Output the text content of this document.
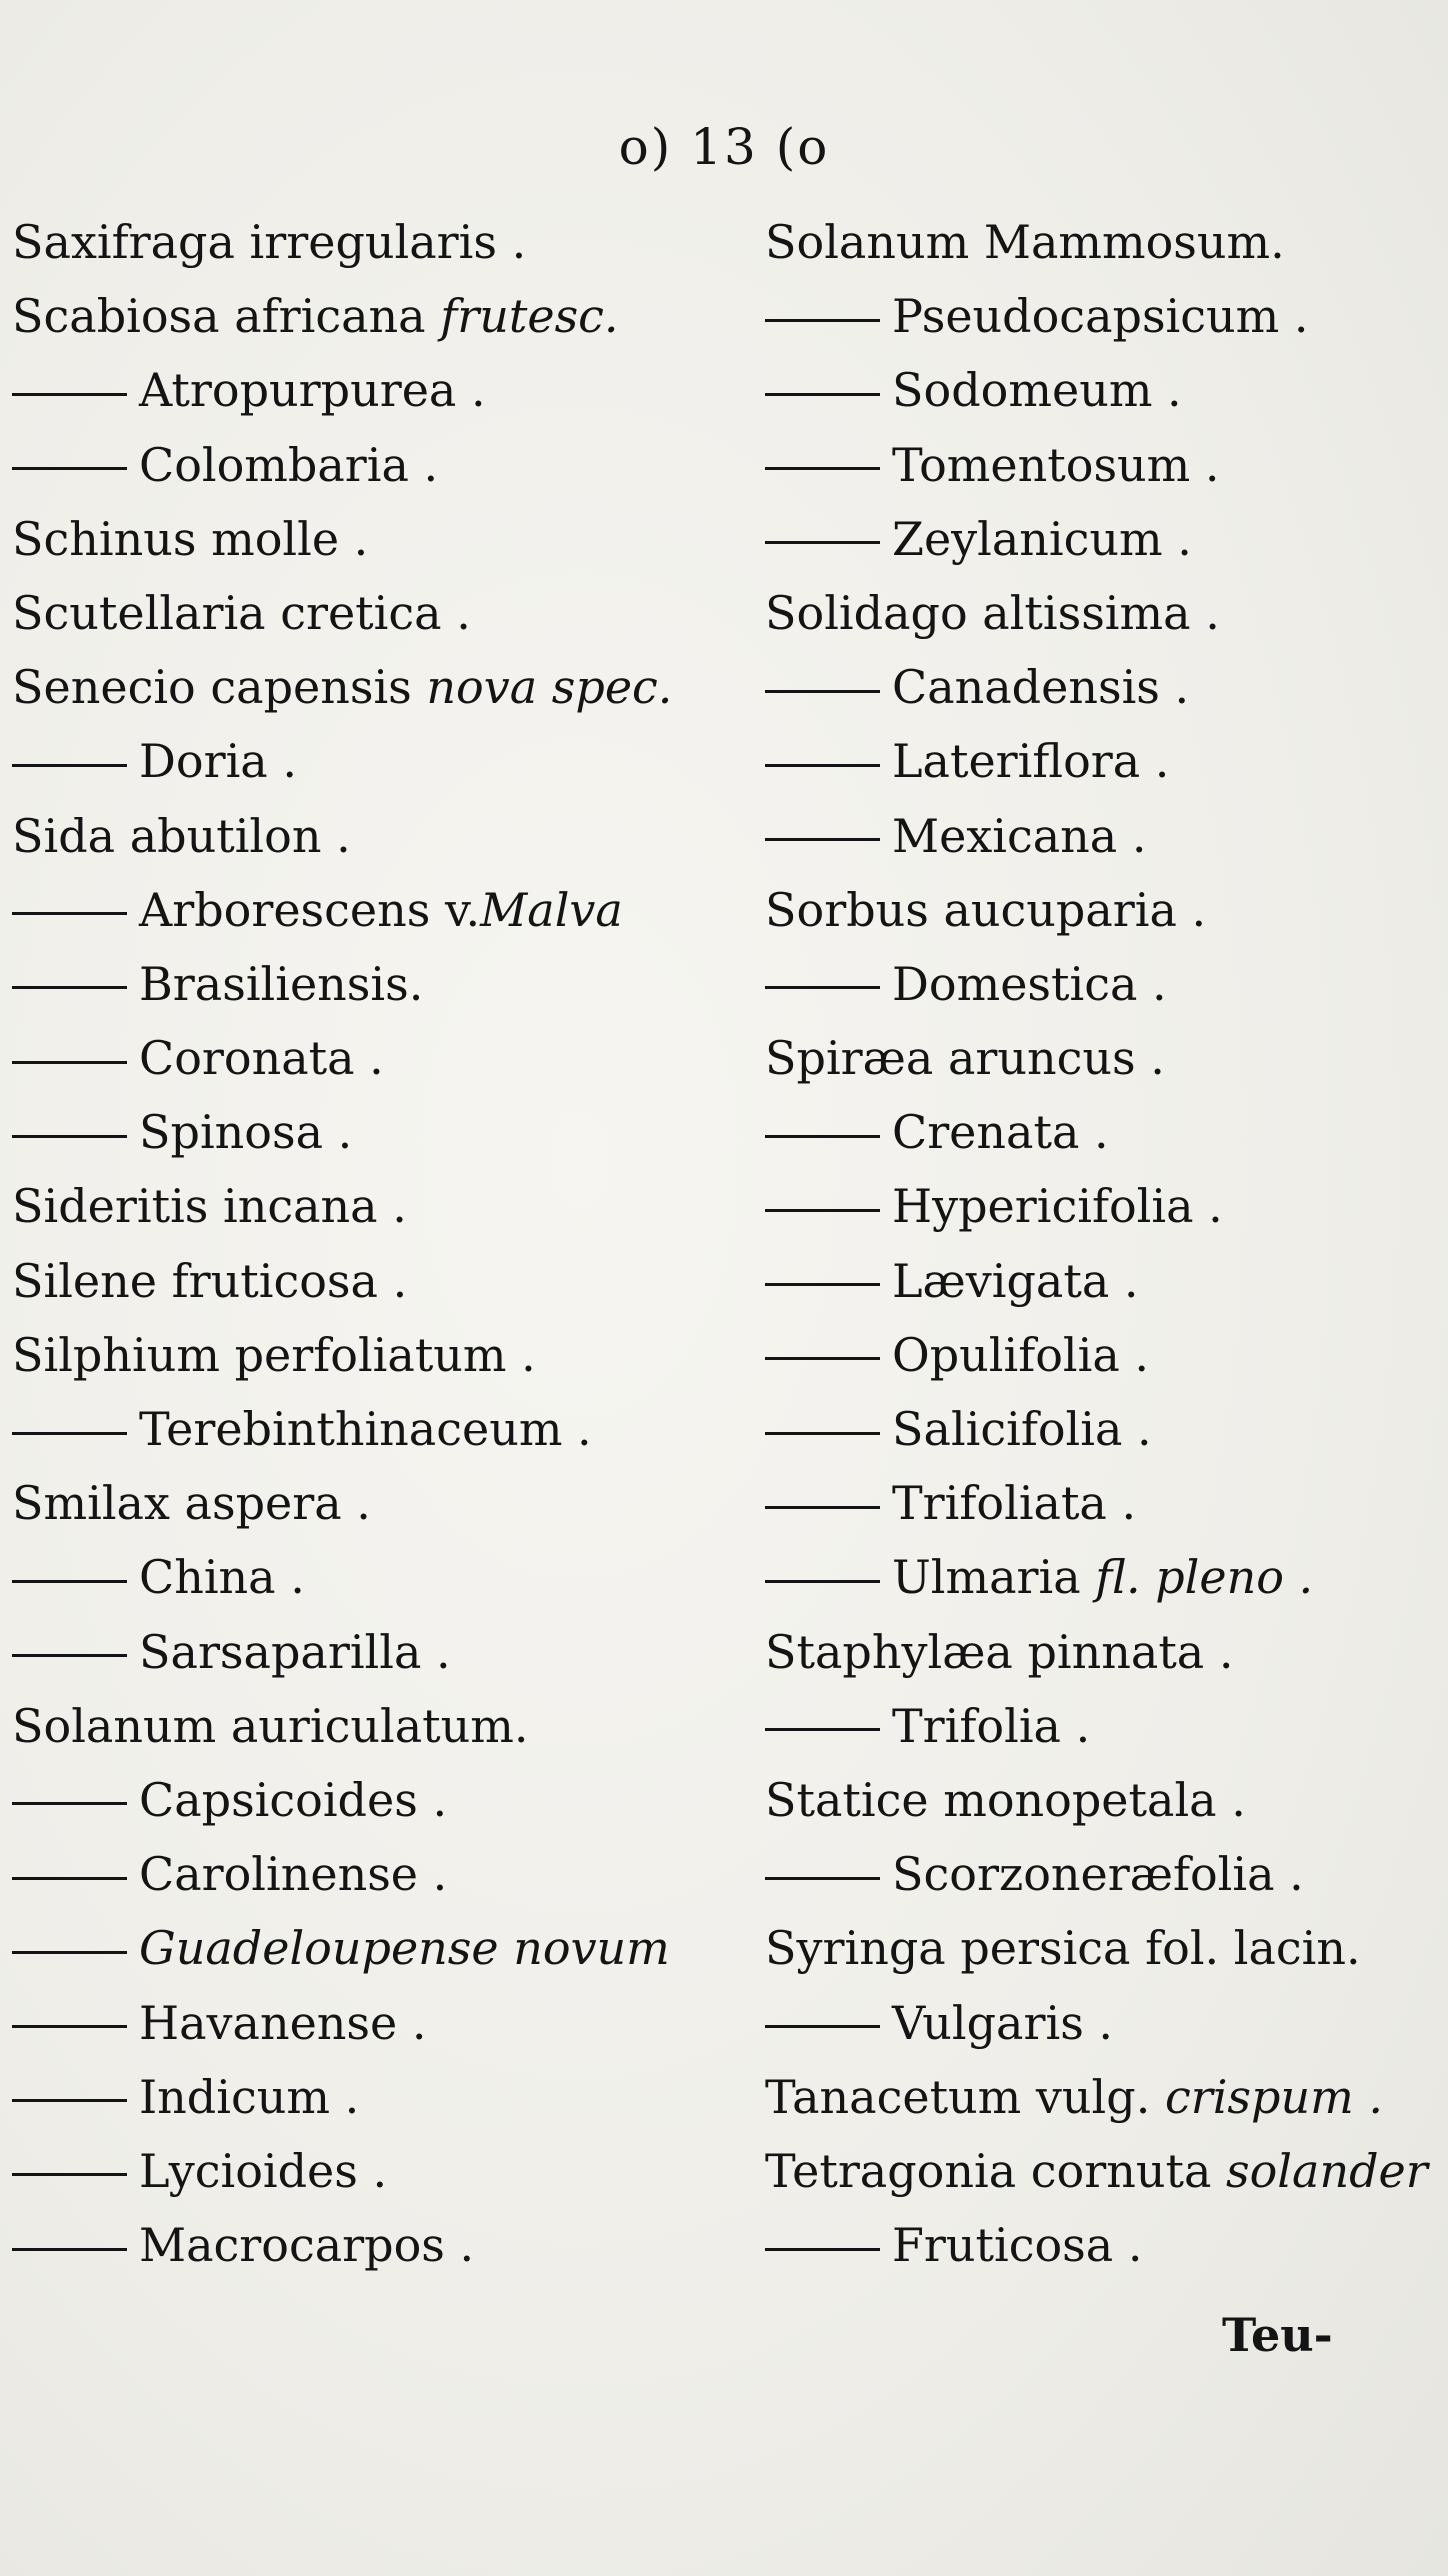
o) 13 (o
Saxifraga irregularis .
Scabiosa africana frutesc.
Atropurpurea .
Colombaria .
Schinus molle .
Scutellaria cretica .
Senecio capensis nova spec.
Doria .
Sida abutilon .
Arborescens v.Malva
Brasiliensis.
Coronata .
Spinosa .
Sideritis incana .
Silene fruticosa .
Silphium perfoliatum .
Terebinthinaceum .
Smilax aspera .
China .
Sarsaparilla .
Solanum auriculatum.
Capsicoides .
Carolinense .
Guadeloupense novum
Havanense .
Indicum .
Lycioides .
Macrocarpos .
Solanum Mammosum.
Pseudocapsicum .
Sodomeum .
Tomentosum .
Zeylanicum .
Solidago altissima .
Canadensis .
Lateriflora .
Mexicana .
Sorbus aucuparia .
Domestica .
Spiræa aruncus .
Crenata .
Hypericifolia .
Lævigata .
Opulifolia .
Salicifolia .
Trifoliata .
Ulmaria fl. pleno .
Staphylæa pinnata .
Trifolia .
Statice monopetala .
Scorzoneræfolia .
Syringa persica fol. lacin.
Vulgaris .
Tanacetum vulg. crispum .
Tetragonia cornuta solander
Fruticosa .
Teu-
